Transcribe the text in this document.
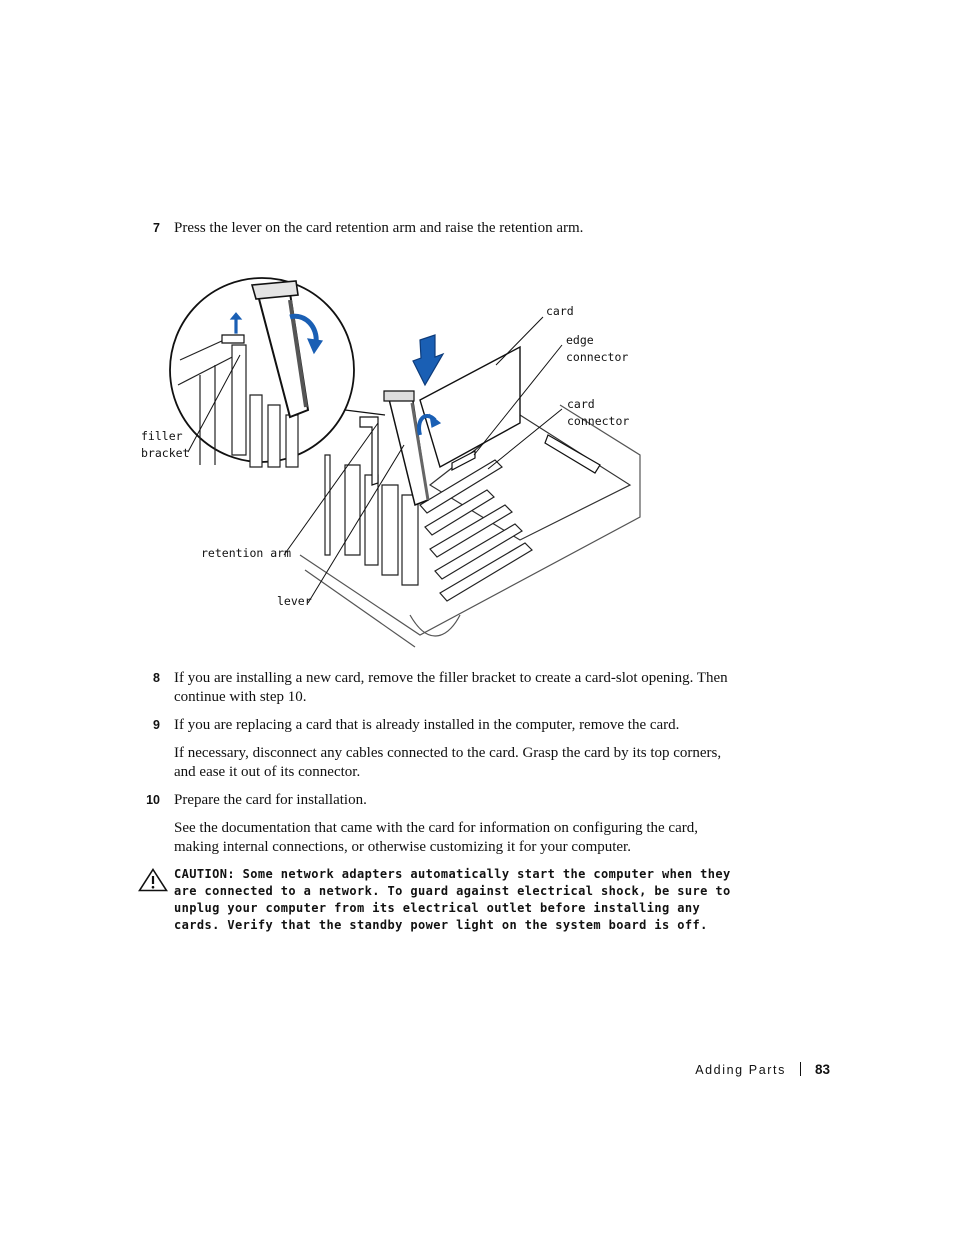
7 Press the lever on the card retention arm and raise the retention arm.
card
edge
connector
card
connector
filler
bracket
retention arm
lever
8 If you are installing a new card, remove the filler bracket to create a card-slot opening. Then continue with step 10.
9 If you are replacing a card that is already installed in the computer, remove the card.
If necessary, disconnect any cables connected to the card. Grasp the card by its top corners, and ease it out of its connector.
10 Prepare the card for installation.
See the documentation that came with the card for information on configuring the card, making internal connections, or otherwise customizing it for your computer.
CAUTION: Some network adapters automatically start the computer when they are connected to a network. To guard against electrical shock, be sure to unplug your computer from its electrical outlet before installing any cards. Verify that the standby power light on the system board is off.
Adding Parts 83
